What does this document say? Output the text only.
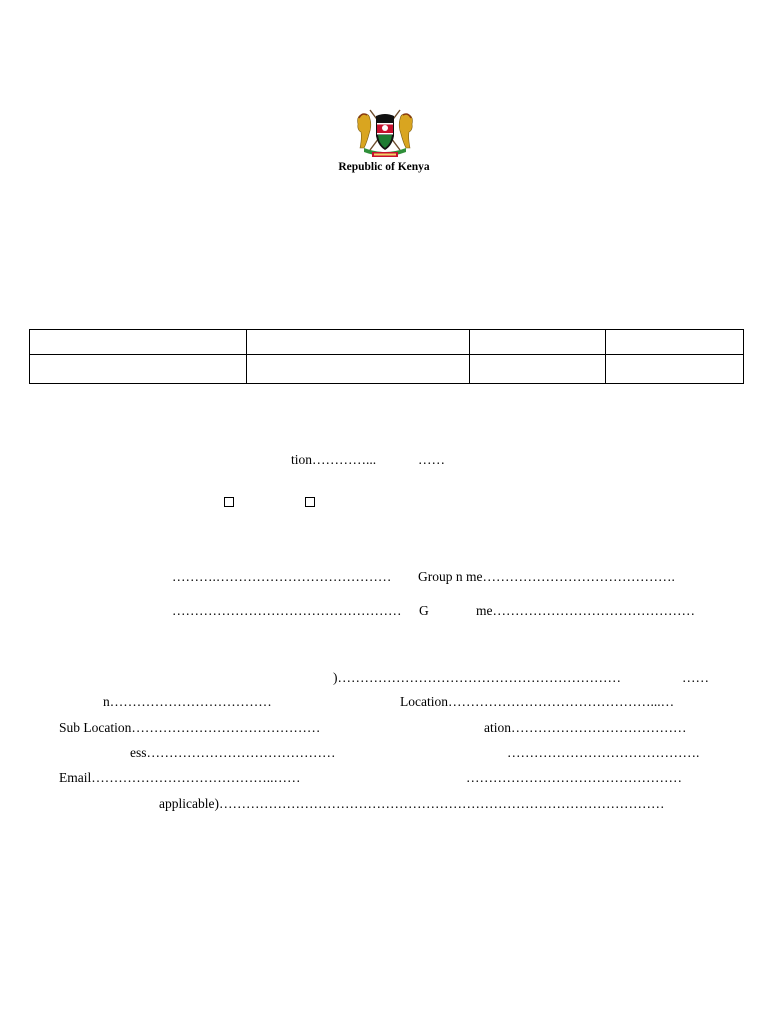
Republic of Kenya

tion…………...	……
……….………………………………… Group n me…………………………………….
…………………………………………… G	me………………………………………
)………………………………………………………	……
n………………………………	Location………………………………………...…
Sub Location……………………………………	ation…………………………………
ess……………………………………	…………………………………….
Email…………………………………..……	…………………………………………
applicable)………………………………………………………………………………………
